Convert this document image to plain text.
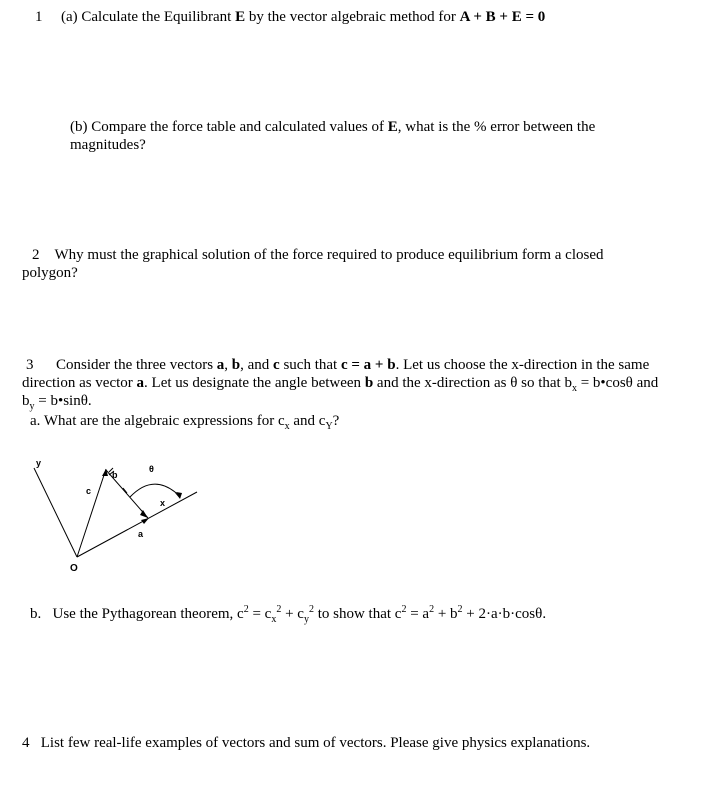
1 (a) Calculate the Equilibrant E by the vector algebraic method for A + B + E = 0
(b) Compare the force table and calculated values of E, what is the % error between the magnitudes?
2 Why must the graphical solution of the force required to produce equilibrium form a closed polygon?
3 Consider the three vectors a, b, and c such that c = a + b. Let us choose the x-direction in the same direction as vector a. Let us designate the angle between b and the x-direction as θ so that $b_x$ = b•cosθ and $b_y$ = b•sinθ.
a. What are the algebraic expressions for $c_x$ and $c_Y$?
y
c
b
θ
x
a
O
b. Use the Pythagorean theorem, $c^2 = c_x^2 + c_y^2$ to show that $c^2 = a^2 + b^2 + 2\cdot a\cdot b\cdot\cos\theta$.
4 List few real-life examples of vectors and sum of vectors. Please give physics explanations.
